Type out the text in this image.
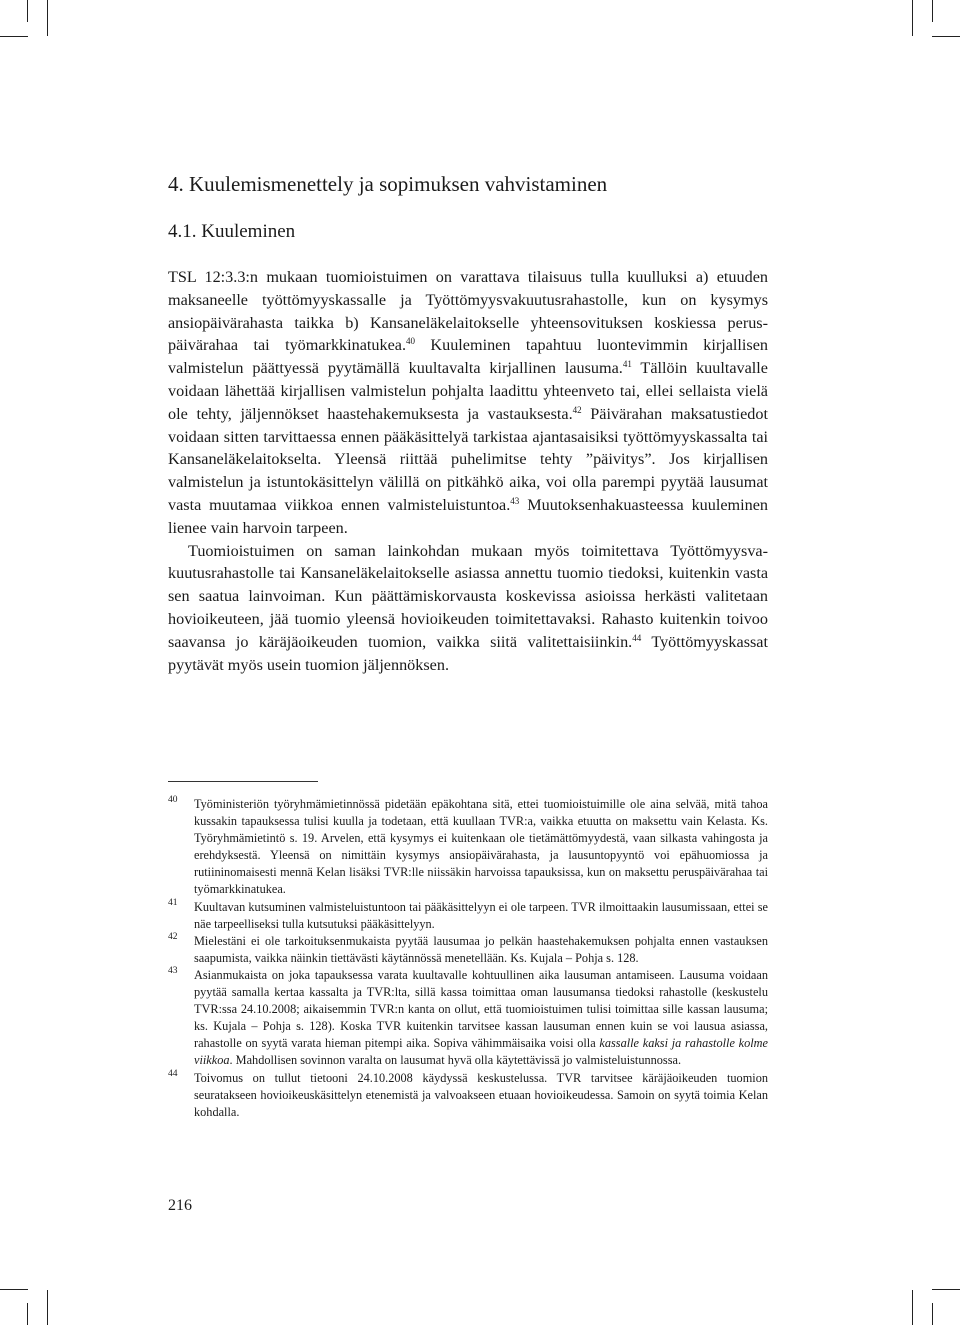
4. Kuulemismenettely ja sopimuksen vahvistaminen
4.1. Kuuleminen

TSL 12:3.3:n mukaan tuomioistuimen on varattava tilaisuus tulla kuulluksi a) etuuden maksaneelle työttömyyskassalle ja Työttömyysvakuutusrahastolle, kun on kysymys ansiopäivärahasta taikka b) Kansaneläkelaitokselle yhteensovituksen koskiessa peruspäivärahaa tai työmarkkinatukea.$^{40}$ Kuuleminen tapahtuu luontevimmin kirjallisen valmistelun päättyessä pyytämällä kuultavalta kirjallinen lausuma.$^{41}$ Tällöin kuultavalle voidaan lähettää kirjallisen valmistelun pohjalta laadittu yhteenveto tai, ellei sellaista vielä ole tehty, jäljennökset haastehakemuksesta ja vastauksesta.$^{42}$ Päivärahan maksatustiedot voidaan sitten tarvittaessa ennen pääkäsittelyä tarkistaa ajantasaisiksi työttömyyskassalta tai Kansaneläkelaitokselta. Yleensä riittää puhelimitse tehty ”päivitys”. Jos kirjallisen valmistelun ja istuntokäsittelyn välillä on pitkähkö aika, voi olla parempi pyytää lausumat vasta muutamaa viikkoa ennen valmisteluistuntoa.$^{43}$ Muutoksenhakuasteessa kuuleminen lienee vain harvoin tarpeen.

Tuomioistuimen on saman lainkohdan mukaan myös toimitettava Työttömyysvakuutusrahastolle tai Kansaneläkelaitokselle asiassa annettu tuomio tiedoksi, kuitenkin vasta sen saatua lainvoiman. Kun päättämiskorvausta koskevissa asioissa herkästi valitetaan hovioikeuteen, jää tuomio yleensä hovioikeuden toimitettavaksi. Rahasto kuitenkin toivoo saavansa jo käräjäoikeuden tuomion, vaikka siitä valitettaisiinkin.$^{44}$ Työttömyyskassat pyytävät myös usein tuomion jäljennöksen.

40 Työministeriön työryhmämietinnössä pidetään epäkohtana sitä, ettei tuomioistuimille ole aina selvää, mitä tahoa kussakin tapauksessa tulisi kuulla ja todetaan, että kuullaan TVR:a, vaikka etuutta on maksettu vain Kelasta. Ks. Työryhmämietintö s. 19. Arvelen, että kysymys ei kuitenkaan ole tietämättömyydestä, vaan silkasta vahingosta ja erehdyksestä. Yleensä on nimittäin kysymys ansiopäivärahasta, ja lausuntopyyntö voi epähuomiossa ja rutiininomaisesti mennä Kelan lisäksi TVR:lle niissäkin harvoissa tapauksissa, kun on maksettu peruspäivärahaa tai työmarkkinatukea.
41 Kuultavan kutsuminen valmisteluistuntoon tai pääkäsittelyyn ei ole tarpeen. TVR ilmoittaakin lausumissaan, ettei se näe tarpeelliseksi tulla kutsutuksi pääkäsittelyyn.
42 Mielestäni ei ole tarkoituksenmukaista pyytää lausumaa jo pelkän haastehakemuksen pohjalta ennen vastauksen saapumista, vaikka näinkin tiettävästi käytännössä menetellään. Ks. Kujala – Pohja s. 128.
43 Asianmukaista on joka tapauksessa varata kuultavalle kohtuullinen aika lausuman antamiseen. Lausuma voidaan pyytää samalla kertaa kassalta ja TVR:lta, sillä kassa toimittaa oman lausumansa tiedoksi rahastolle (keskustelu TVR:ssa 24.10.2008; aikaisemmin TVR:n kanta on ollut, että tuomioistuimen tulisi toimittaa sille kassan lausuma; ks. Kujala – Pohja s. 128). Koska TVR kuitenkin tarvitsee kassan lausuman ennen kuin se voi lausua asiassa, rahastolle on syytä varata hieman pitempi aika. Sopiva vähimmäisaika voisi olla kassalle kaksi ja rahastolle kolme viikkoa. Mahdollisen sovinnon varalta on lausumat hyvä olla käytettävissä jo valmisteluistunnossa.
44 Toivomus on tullut tietooni 24.10.2008 käydyssä keskustelussa. TVR tarvitsee käräjäoikeuden tuomion seuratakseen hovioikeuskäsittelyn etenemistä ja valvoakseen etuaan hovioikeudessa. Samoin on syytä toimia Kelan kohdalla.
216
